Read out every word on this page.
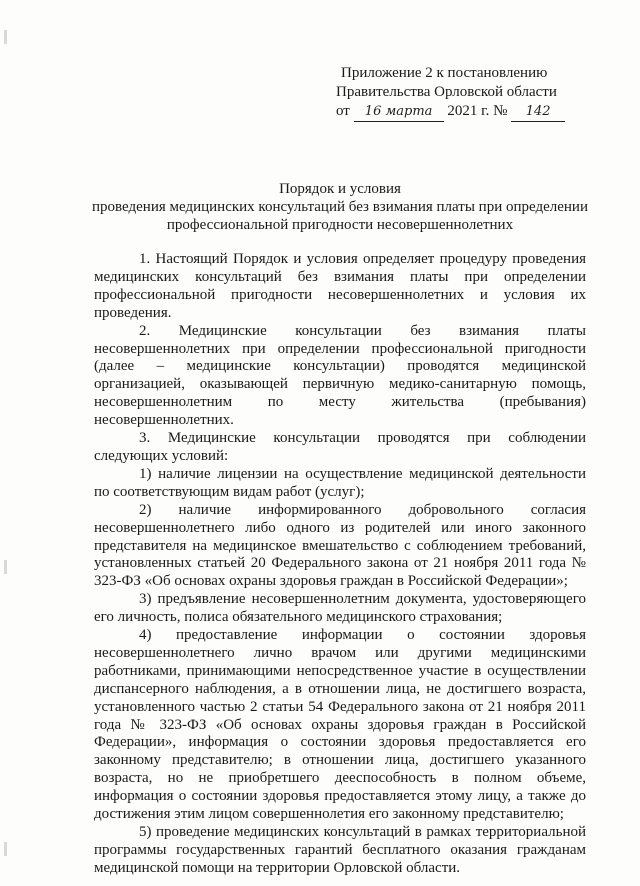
Приложение 2 к постановлению
Правительства Орловской области
от 16 марта 2021 г. № 142
Порядок и условия
проведения медицинских консультаций без взимания платы при определении
профессиональной пригодности несовершеннолетних

1. Настоящий Порядок и условия определяет процедуру проведения медицинских консультаций без взимания платы при определении профессиональной пригодности несовершеннолетних и условия их проведения.

2. Медицинские консультации без взимания платы несовершеннолетних при определении профессиональной пригодности (далее – медицинские консультации) проводятся медицинской организацией, оказывающей первичную медико-санитарную помощь, несовершеннолетним по месту жительства (пребывания) несовершеннолетних.

3. Медицинские консультации проводятся при соблюдении следующих условий:

1) наличие лицензии на осуществление медицинской деятельности по соответствующим видам работ (услуг);

2) наличие информированного добровольного согласия несовершеннолетнего либо одного из родителей или иного законного представителя на медицинское вмешательство с соблюдением требований, установленных статьей 20 Федерального закона от 21 ноября 2011 года № 323-ФЗ «Об основах охраны здоровья граждан в Российской Федерации»;

3) предъявление несовершеннолетним документа, удостоверяющего его личность, полиса обязательного медицинского страхования;

4) предоставление информации о состоянии здоровья несовершеннолетнего лично врачом или другими медицинскими работниками, принимающими непосредственное участие в осуществлении диспансерного наблюдения, а в отношении лица, не достигшего возраста, установленного частью 2 статьи 54 Федерального закона от 21 ноября 2011 года № 323-ФЗ «Об основах охраны здоровья граждан в Российской Федерации», информация о состоянии здоровья предоставляется его законному представителю; в отношении лица, достигшего указанного возраста, но не приобретшего дееспособность в полном объеме, информация о состоянии здоровья предоставляется этому лицу, а также до достижения этим лицом совершеннолетия его законному представителю;

5) проведение медицинских консультаций в рамках территориальной программы государственных гарантий бесплатного оказания гражданам медицинской помощи на территории Орловской области.
